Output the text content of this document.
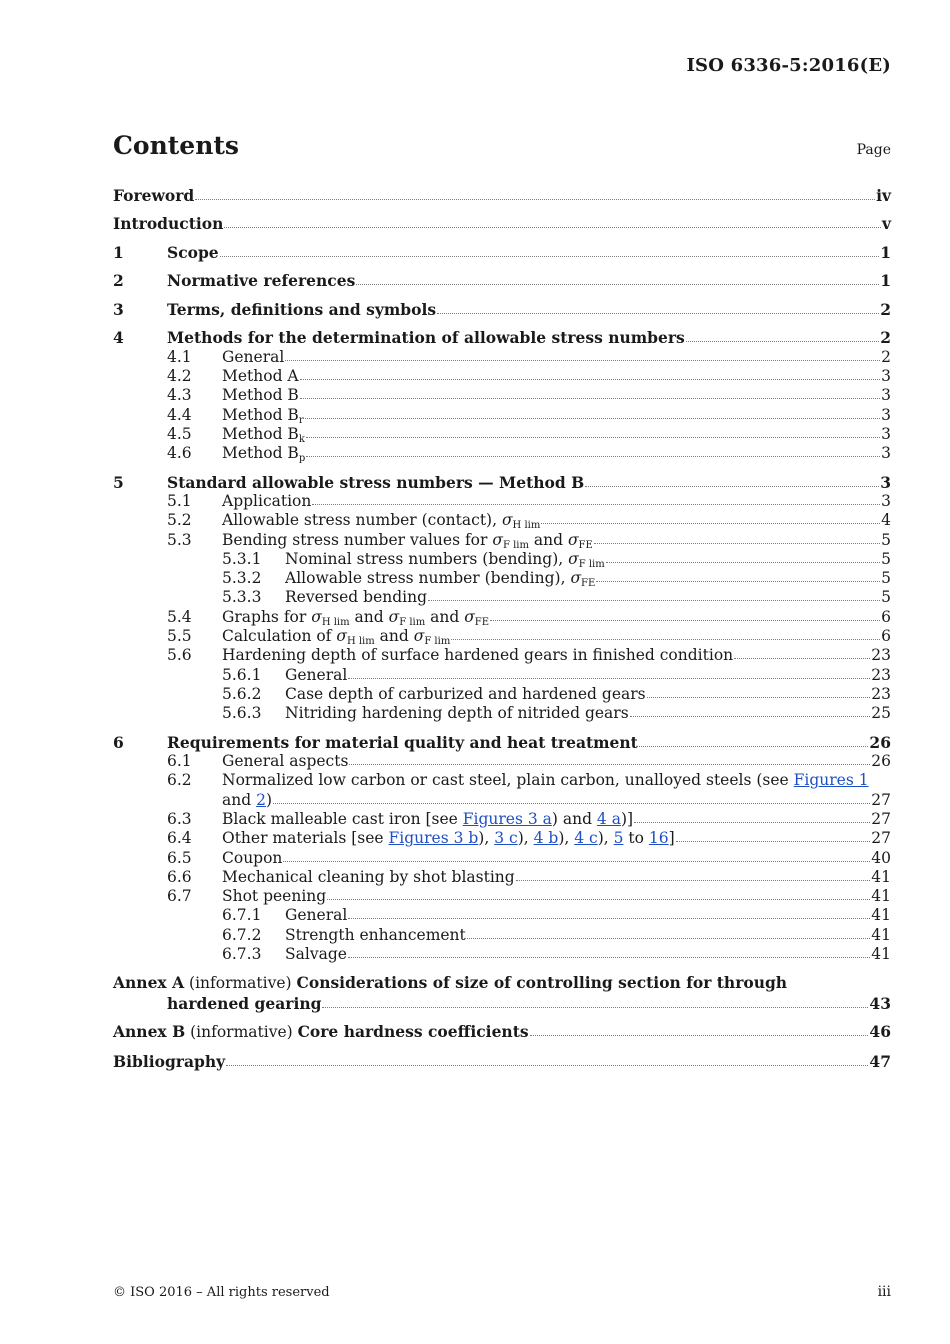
ISO 6336-5:2016(E)
Contents	Page
Foreword	iv
Introduction	v
1	Scope	1
2	Normative references	1
3	Terms, definitions and symbols	2
4	Methods for the determination of allowable stress numbers	2
4.1	General	2
4.2	Method A	3
4.3	Method B	3
4.4	Method $B_r$	3
4.5	Method $B_k$	3
4.6	Method $B_p$	3
5	Standard allowable stress numbers — Method B	3
5.1	Application	3
5.2	Allowable stress number (contact), $\sigma_{H lim}$	4
5.3	Bending stress number values for $\sigma_{F lim}$ and $\sigma_{FE}$	5
5.3.1	Nominal stress numbers (bending), $\sigma_{F lim}$	5
5.3.2	Allowable stress number (bending), $\sigma_{FE}$	5
5.3.3	Reversed bending	5
5.4	Graphs for $\sigma_{H lim}$ and $\sigma_{F lim}$ and $\sigma_{FE}$	6
5.5	Calculation of $\sigma_{H lim}$ and $\sigma_{F lim}$	6
5.6	Hardening depth of surface hardened gears in finished condition	23
5.6.1	General	23
5.6.2	Case depth of carburized and hardened gears	23
5.6.3	Nitriding hardening depth of nitrided gears	25
6	Requirements for material quality and heat treatment	26
6.1	General aspects	26
6.2	Normalized low carbon or cast steel, plain carbon, unalloyed steels (see Figures 1
and 2)	27
6.3	Black malleable cast iron [see Figures 3 a) and 4 a)]	27
6.4	Other materials [see Figures 3 b), 3 c), 4 b), 4 c), 5 to 16]	27
6.5	Coupon	40
6.6	Mechanical cleaning by shot blasting	41
6.7	Shot peening	41
6.7.1	General	41
6.7.2	Strength enhancement	41
6.7.3	Salvage	41
Annex A (informative) Considerations of size of controlling section for through
hardened gearing	43
Annex B (informative) Core hardness coefficients	46
Bibliography	47
© ISO 2016 – All rights reserved	iii
